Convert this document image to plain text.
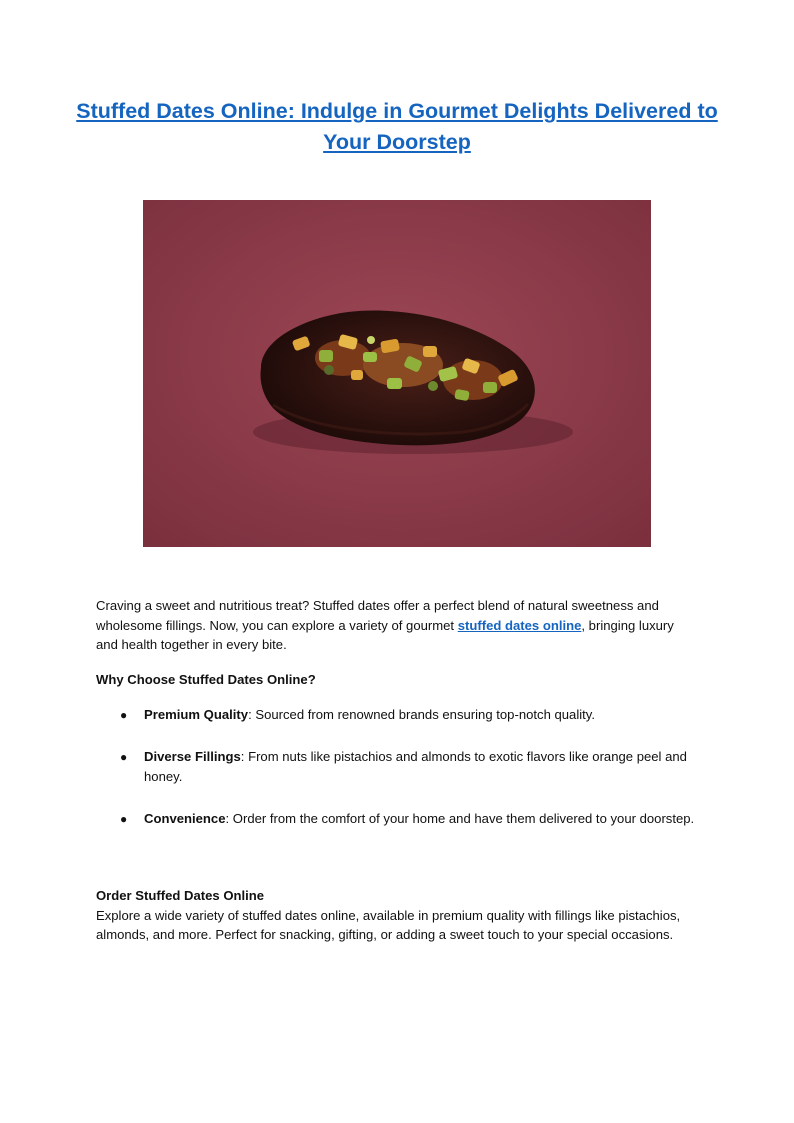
Stuffed Dates Online: Indulge in Gourmet Delights Delivered to Your Doorstep

Craving a sweet and nutritious treat? Stuffed dates offer a perfect blend of natural sweetness and wholesome fillings. Now, you can explore a variety of gourmet stuffed dates online, bringing luxury and health together in every bite.

Why Choose Stuffed Dates Online?

● Premium Quality: Sourced from renowned brands ensuring top-notch quality.
● Diverse Fillings: From nuts like pistachios and almonds to exotic flavors like orange peel and honey.
● Convenience: Order from the comfort of your home and have them delivered to your doorstep.
Order Stuffed Dates Online
Explore a wide variety of stuffed dates online, available in premium quality with fillings like pistachios, almonds, and more. Perfect for snacking, gifting, or adding a sweet touch to your special occasions.
